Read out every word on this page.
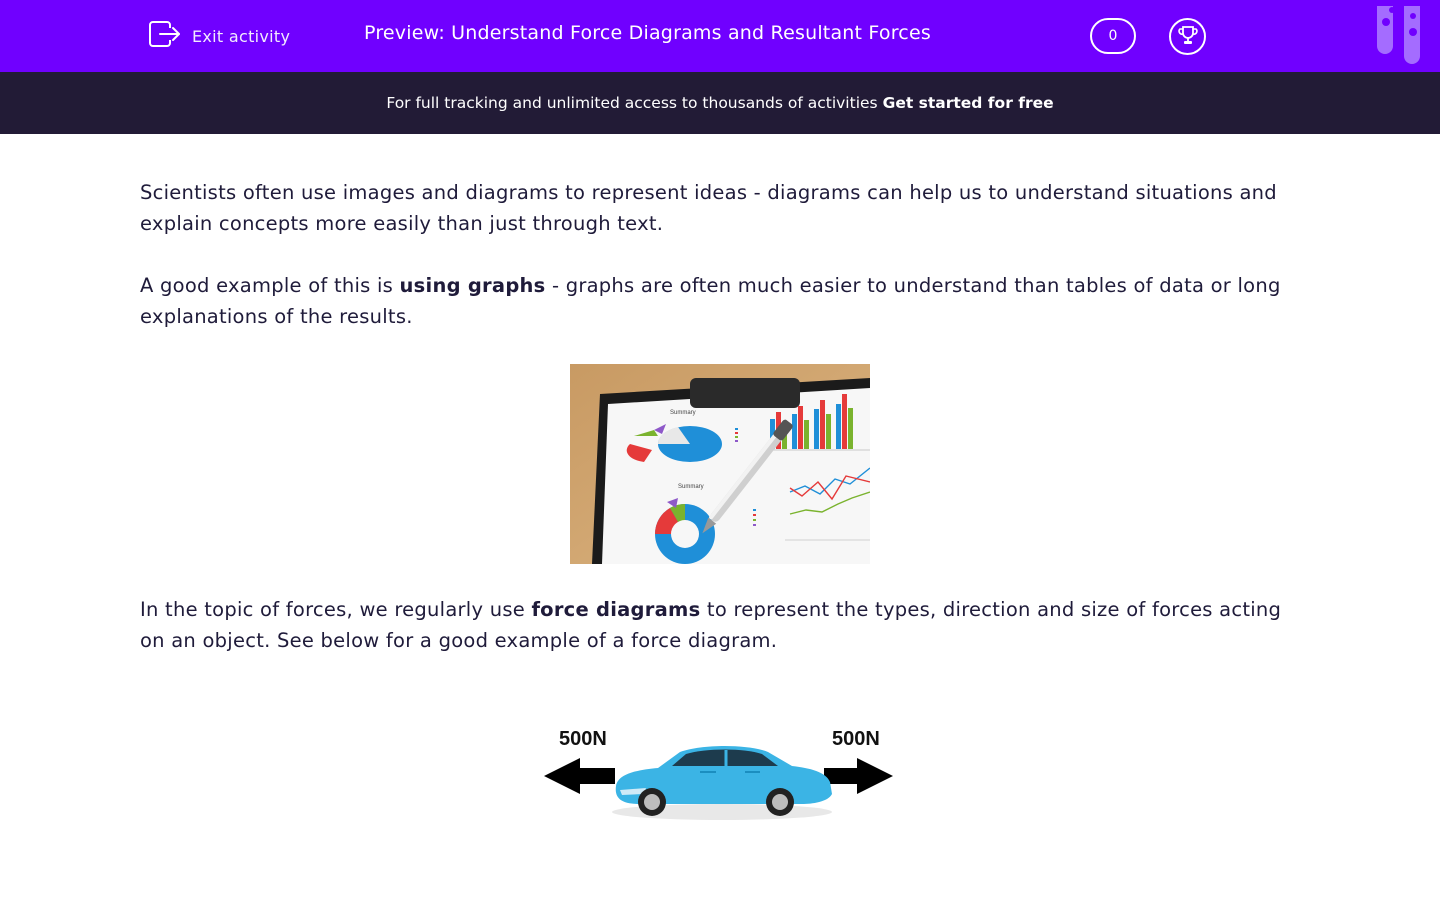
Exit activity	Preview: Understand Force Diagrams and Resultant Forces	0
For full tracking and unlimited access to thousands of activities Get started for free

Scientists often use images and diagrams to represent ideas - diagrams can help us to understand situations and explain concepts more easily than just through text.

A good example of this is using graphs - graphs are often much easier to understand than tables of data or long explanations of the results.

Summary
Summary

In the topic of forces, we regularly use force diagrams to represent the types, direction and size of forces acting on an object. See below for a good example of a force diagram.

500N	500N
